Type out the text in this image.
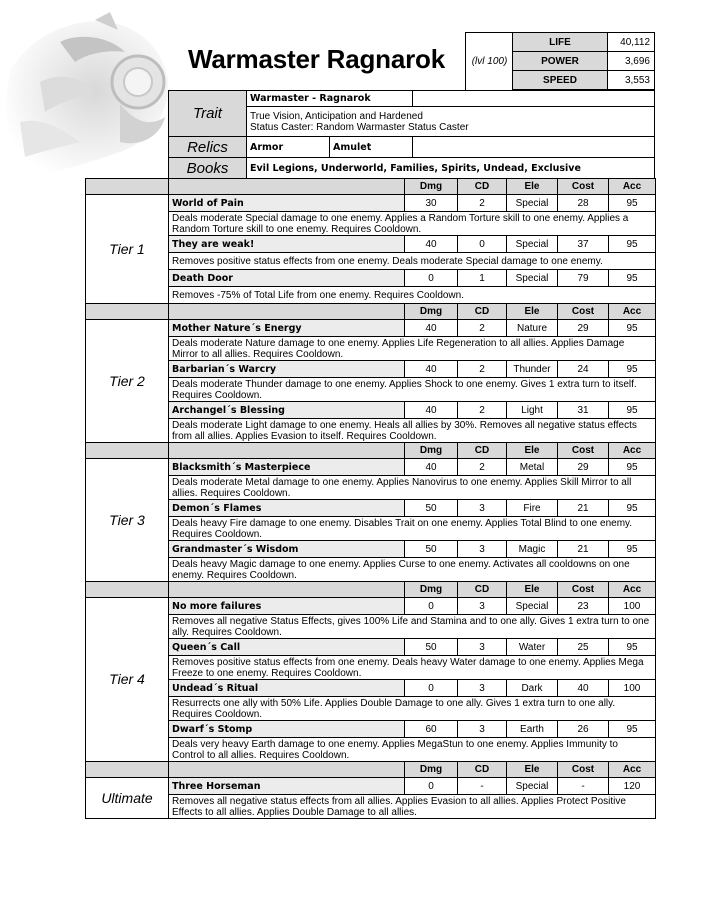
Warmaster Ragnarok	(lvl 100)
LIFE	40,112
POWER	3,696
SPEED	3,553
Trait	Warmaster - Ragnarok		

	True Vision, Anticipation and Hardened
Status Caster: Random Warmaster Status Caster		

Relics	Armor	Amulet	
Books	Evil Legions, Underworld, Families, Spirits, Undead, Exclusive		
		Dmg	CD	Ele	Cost	Acc
Tier 1	World of Pain	30	2	Special	28	95
	Deals moderate Special damage to one enemy. Applies a Random Torture skill to one enemy. Applies a Random Torture skill to one enemy. Requires Cooldown.					
	They are weak!	40	0	Special	37	95
	Removes positive status effects from one enemy. Deals moderate Special damage to one enemy.					
	Death Door	0	1	Special	79	95
	Removes -75% of Total Life from one enemy. Requires Cooldown.					
		Dmg	CD	Ele	Cost	Acc
Tier 2	Mother Nature´s Energy	40	2	Nature	29	95
	Deals moderate Nature damage to one enemy. Applies Life Regeneration to all allies. Applies Damage Mirror to all allies. Requires Cooldown.					
	Barbarian´s Warcry	40	2	Thunder	24	95
	Deals moderate Thunder damage to one enemy. Applies Shock to one enemy. Gives 1 extra turn to itself. Requires Cooldown.					
	Archangel´s Blessing	40	2	Light	31	95
	Deals moderate Light damage to one enemy. Heals all allies by 30%. Removes all negative status effects from all allies. Applies Evasion to itself. Requires Cooldown.					
		Dmg	CD	Ele	Cost	Acc
Tier 3	Blacksmith´s Masterpiece	40	2	Metal	29	95
	Deals moderate Metal damage to one enemy. Applies Nanovirus to one enemy. Applies Skill Mirror to all allies. Requires Cooldown.					
	Demon´s Flames	50	3	Fire	21	95
	Deals heavy Fire damage to one enemy. Disables Trait on one enemy. Applies Total Blind to one enemy. Requires Cooldown.					
	Grandmaster´s Wisdom	50	3	Magic	21	95
	Deals heavy Magic damage to one enemy. Applies Curse to one enemy. Activates all cooldowns on one enemy. Requires Cooldown.					
		Dmg	CD	Ele	Cost	Acc
Tier 4	No more failures	0	3	Special	23	100
	Removes all negative Status Effects, gives 100% Life and Stamina and to one ally. Gives 1 extra turn to one ally. Requires Cooldown.					
	Queen´s Call	50	3	Water	25	95
	Removes positive status effects from one enemy. Deals heavy Water damage to one enemy. Applies Mega Freeze to one enemy. Requires Cooldown.					
	Undead´s Ritual	0	3	Dark	40	100
	Resurrects one ally with 50% Life. Applies Double Damage to one ally. Gives 1 extra turn to one ally. Requires Cooldown.					
	Dwarf´s Stomp	60	3	Earth	26	95
	Deals very heavy Earth damage to one enemy. Applies MegaStun to one enemy. Applies Immunity to Control to all allies. Requires Cooldown.					
		Dmg	CD	Ele	Cost	Acc
Ultimate	Three Horseman	0	-	Special	-	120
	Removes all negative status effects from all allies. Applies Evasion to all allies. Applies Protect Positive Effects to all allies. Applies Double Damage to all allies.					
